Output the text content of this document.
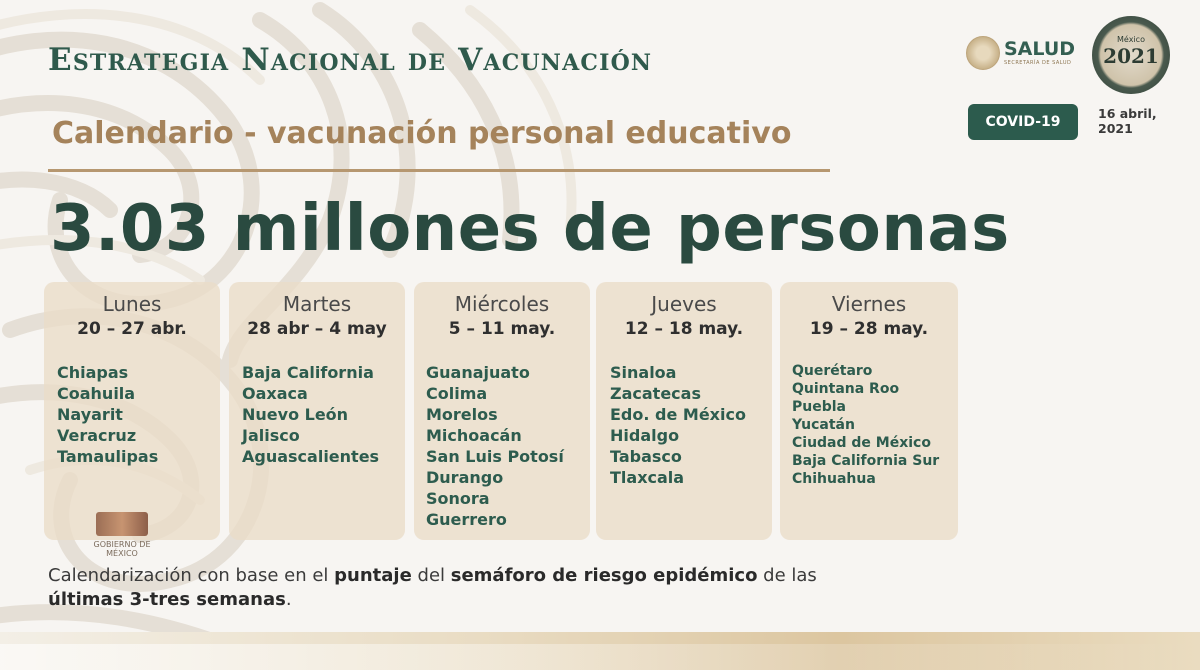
Estrategia Nacional de Vacunación
Calendario - vacunación personal educativo
3.03 millones de personas
SALUD
SECRETARÍA DE SALUD
México
2021
COVID-19
16 abril, 2021
Lunes
20 – 27 abr.
Chiapas
Coahuila
Nayarit
Veracruz
Tamaulipas
Martes
28 abr – 4 may
Baja California
Oaxaca
Nuevo León
Jalisco
Aguascalientes
Miércoles
5 – 11 may.
Guanajuato
Colima
Morelos
Michoacán
San Luis Potosí
Durango
Sonora
Guerrero
Jueves
12 – 18 may.
Sinaloa
Zacatecas
Edo. de México
Hidalgo
Tabasco
Tlaxcala
Viernes
19 – 28 may.
Querétaro
Quintana Roo
Puebla
Yucatán
Ciudad de México
Baja California Sur
Chihuahua
GOBIERNO DE MÉXICO
Calendarización con base en el puntaje del semáforo de riesgo epidémico de las
últimas 3-tres semanas.
